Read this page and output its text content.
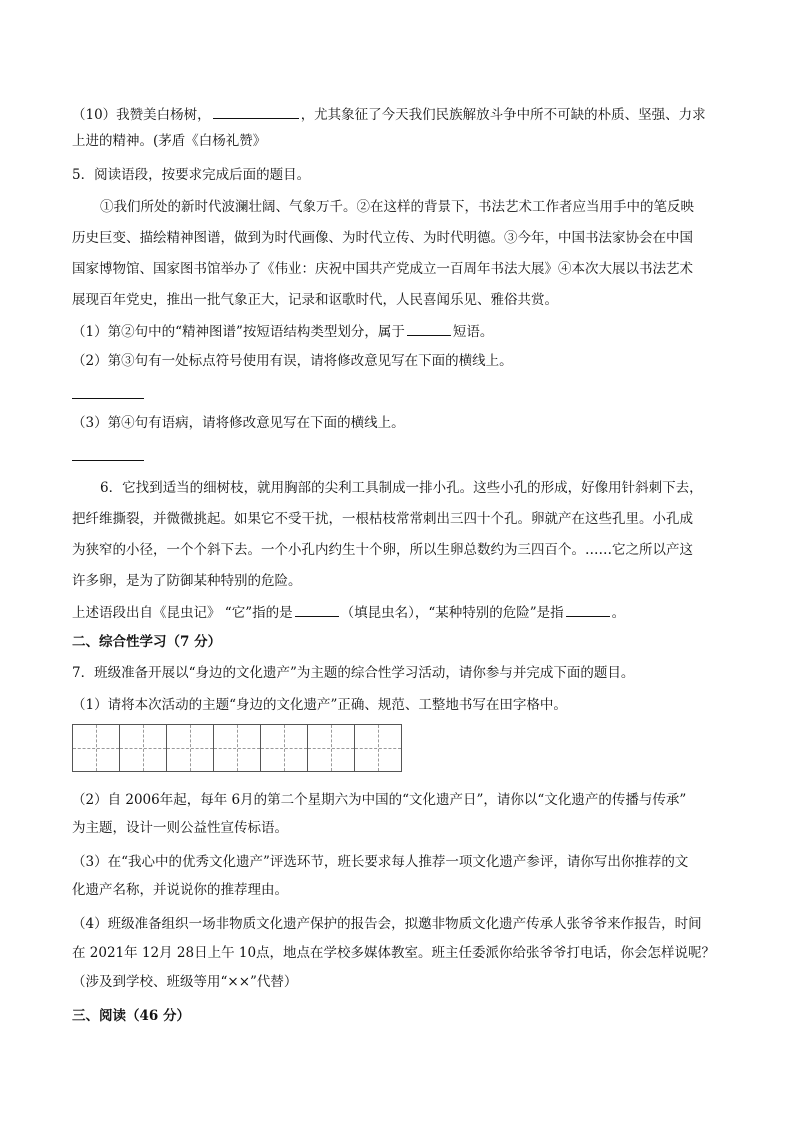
（10）我赞美白杨树，	，尤其象征了今天我们民族解放斗争中所不可缺的朴质、坚强、力求
上进的精神。(茅盾《白杨礼赞》
5．阅读语段，按要求完成后面的题目。
①我们所处的新时代波澜壮阔、气象万千。②在这样的背景下，书法艺术工作者应当用手中的笔反映
历史巨变、描绘精神图谱，做到为时代画像、为时代立传、为时代明德。③今年，中国书法家协会在中国
国家博物馆、国家图书馆举办了《伟业：庆祝中国共产党成立一百周年书法大展》④本次大展以书法艺术
展现百年党史，推出一批气象正大，记录和讴歌时代，人民喜闻乐见、雅俗共赏。
（1）第②句中的“精神图谱”按短语结构类型划分，属于	短语。
（2）第③句有一处标点符号使用有误，请将修改意见写在下面的横线上。
（3）第④句有语病，请将修改意见写在下面的横线上。
6．它找到适当的细树枝，就用胸部的尖利工具制成一排小孔。这些小孔的形成，好像用针斜刺下去，
把纤维撕裂，并微微挑起。如果它不受干扰，一根枯枝常常刺出三四十个孔。卵就产在这些孔里。小孔成
为狭窄的小径，一个个斜下去。一个小孔内约生十个卵，所以生卵总数约为三四百个。……它之所以产这
许多卵，是为了防御某种特别的危险。
上述语段出自《昆虫记》 “它”指的是	（填昆虫名），“某种特别的危险”是指	。
二、综合性学习（7 分）
7．班级准备开展以“身边的文化遗产”为主题的综合性学习活动，请你参与并完成下面的题目。
（1）请将本次活动的主题“身边的文化遗产”正确、规范、工整地书写在田字格中。
（2）自 2006年起，每年 6月的第二个星期六为中国的“文化遗产日”，请你以“文化遗产的传播与传承”
为主题，设计一则公益性宣传标语。
（3）在“我心中的优秀文化遗产”评选环节，班长要求每人推荐一项文化遗产参评，请你写出你推荐的文
化遗产名称，并说说你的推荐理由。
（4）班级准备组织一场非物质文化遗产保护的报告会，拟邀非物质文化遗产传承人张爷爷来作报告，时间
在 2021年 12月 28日上午 10点，地点在学校多媒体教室。班主任委派你给张爷爷打电话，你会怎样说呢？
（涉及到学校、班级等用“××”代替）
三、阅读（46 分）
